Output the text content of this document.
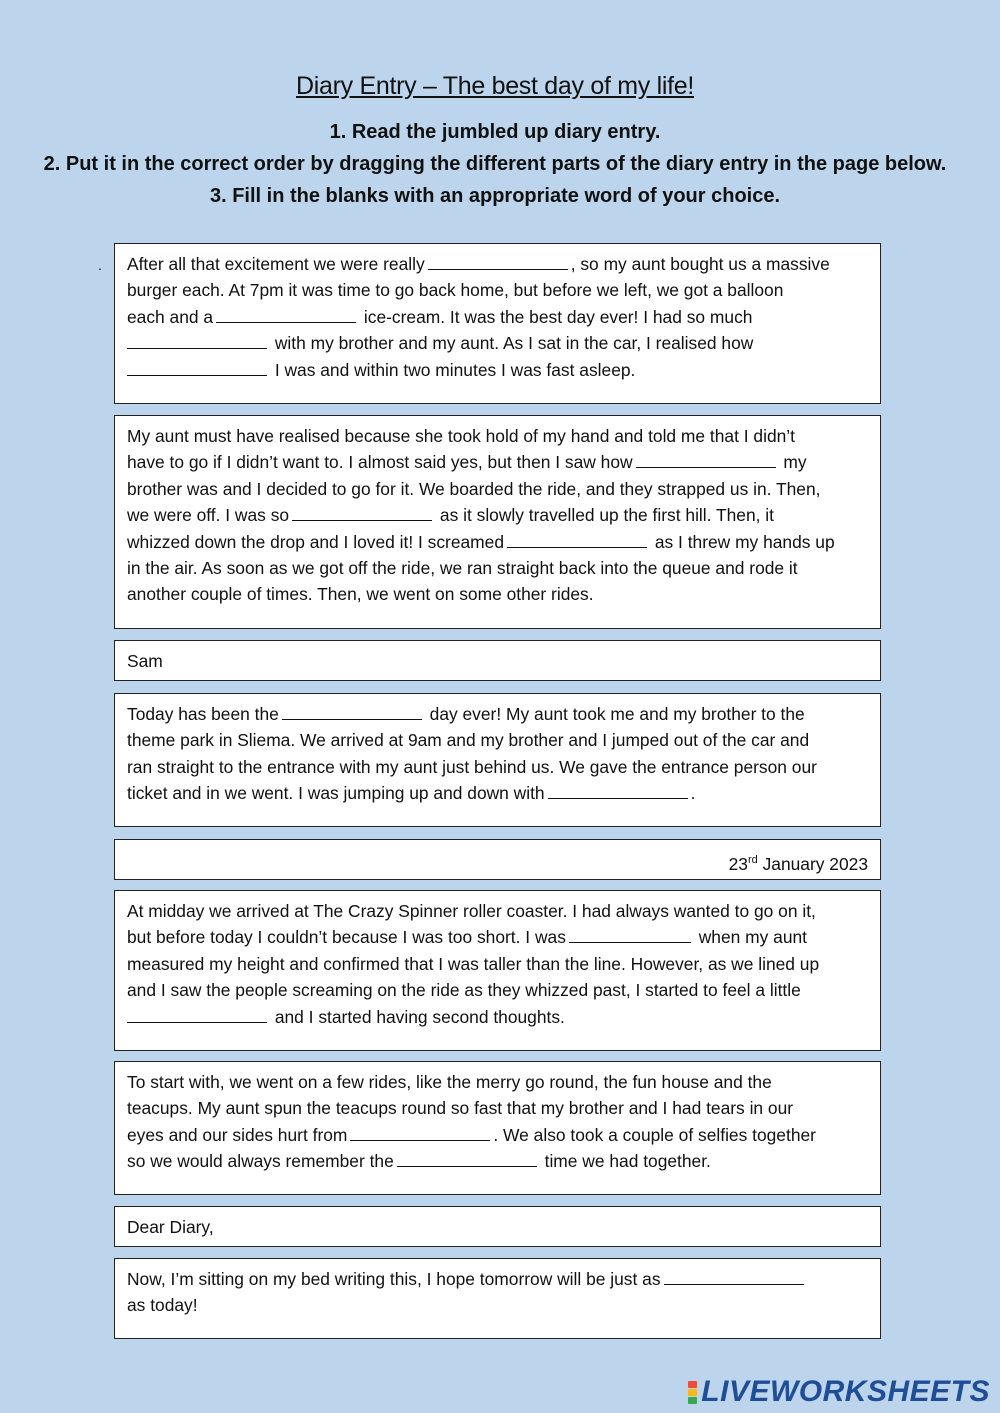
Diary Entry – The best day of my life!
1. Read the jumbled up diary entry.
2. Put it in the correct order by dragging the different parts of the diary entry in the page below.
3. Fill in the blanks with an appropriate word of your choice.
. After all that excitement we were really	, so my aunt bought us a massive

burger each. At 7pm it was time to go back home, but before we left, we got a balloon

each and a	ice-cream. It was the best day ever! I had so much

with my brother and my aunt. As I sat in the car, I realised how

I was and within two minutes I was fast asleep.

My aunt must have realised because she took hold of my hand and told me that I didn’t

have to go if I didn’t want to. I almost said yes, but then I saw how	my

brother was and I decided to go for it. We boarded the ride, and they strapped us in. Then,

we were off. I was so	as it slowly travelled up the first hill. Then, it

whizzed down the drop and I loved it! I screamed	as I threw my hands up

in the air. As soon as we got off the ride, we ran straight back into the queue and rode it

another couple of times. Then, we went on some other rides.

Sam

Today has been the	day ever! My aunt took me and my brother to the

theme park in Sliema. We arrived at 9am and my brother and I jumped out of the car and

ran straight to the entrance with my aunt just behind us. We gave the entrance person our

ticket and in we went. I was jumping up and down with	.

23rd January 2023

At midday we arrived at The Crazy Spinner roller coaster. I had always wanted to go on it,

but before today I couldn’t because I was too short. I was	when my aunt

measured my height and confirmed that I was taller than the line. However, as we lined up

and I saw the people screaming on the ride as they whizzed past, I started to feel a little

and I started having second thoughts.

To start with, we went on a few rides, like the merry go round, the fun house and the

teacups. My aunt spun the teacups round so fast that my brother and I had tears in our

eyes and our sides hurt from	. We also took a couple of selfies together

so we would always remember the	time we had together.

Dear Diary,

Now, I’m sitting on my bed writing this, I hope tomorrow will be just as

as today!

LIVEWORKSHEETS
